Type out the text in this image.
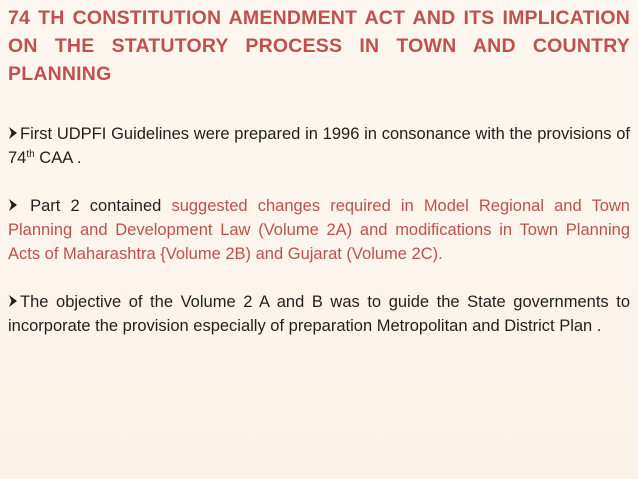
74 TH CONSTITUTION AMENDMENT ACT AND ITS IMPLICATION ON THE STATUTORY PROCESS IN TOWN AND COUNTRY PLANNING

First UDPFI Guidelines were prepared in 1996 in consonance with the provisions of 74th CAA .

Part 2 contained suggested changes required in Model Regional and Town Planning and Development Law (Volume 2A) and modifications in Town Planning Acts of Maharashtra {Volume 2B) and Gujarat (Volume 2C).

The objective of the Volume 2 A and B was to guide the State governments to incorporate the provision especially of preparation Metropolitan and District Plan .
